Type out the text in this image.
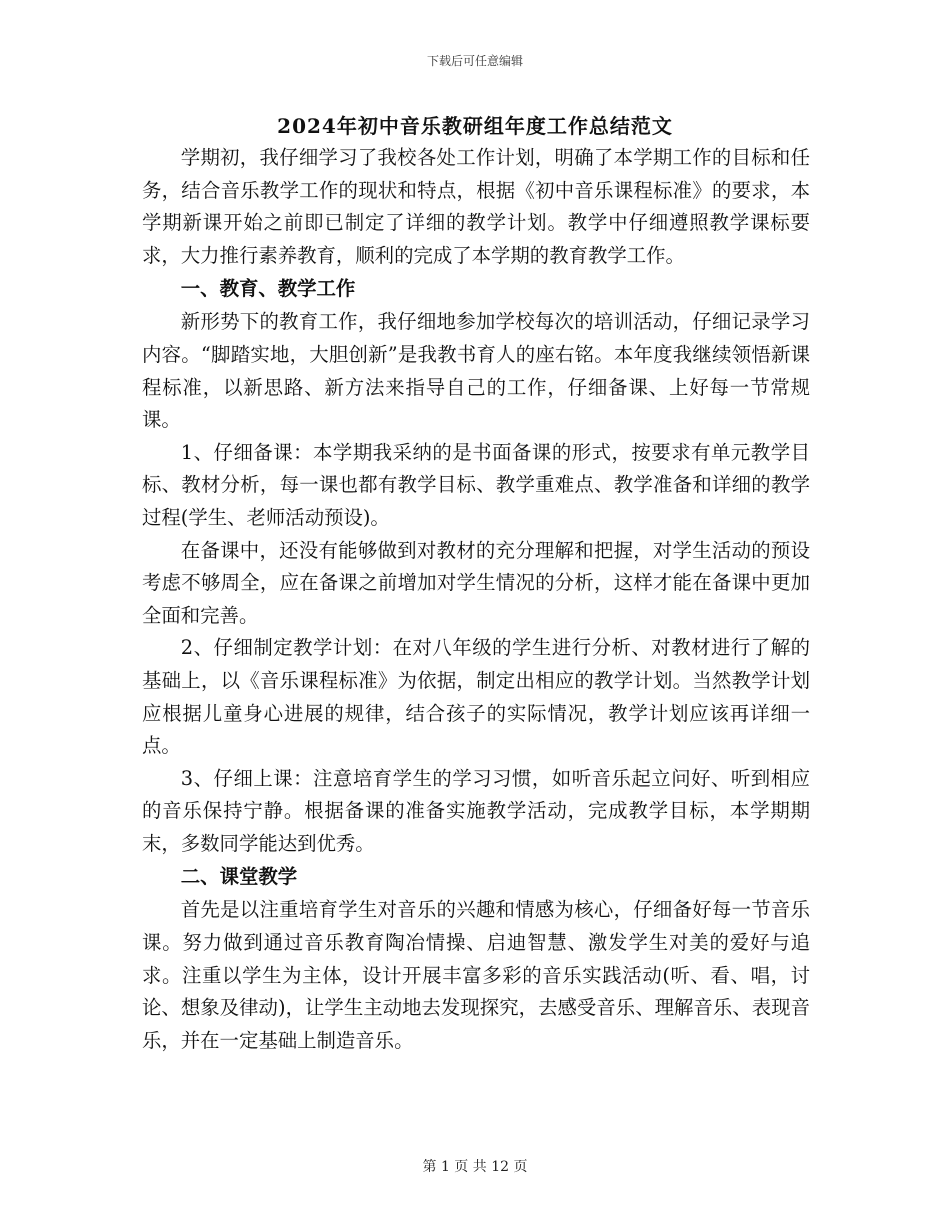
下载后可任意编辑
2024年初中音乐教研组年度工作总结范文

学期初，我仔细学习了我校各处工作计划，明确了本学期工作的目标和任务，结合音乐教学工作的现状和特点，根据《初中音乐课程标准》的要求，本学期新课开始之前即已制定了详细的教学计划。教学中仔细遵照教学课标要求，大力推行素养教育，顺利的完成了本学期的教育教学工作。

一、教育、教学工作

新形势下的教育工作，我仔细地参加学校每次的培训活动，仔细记录学习内容。“脚踏实地，大胆创新”是我教书育人的座右铭。本年度我继续领悟新课程标准，以新思路、新方法来指导自己的工作，仔细备课、上好每一节常规课。

1、仔细备课：本学期我采纳的是书面备课的形式，按要求有单元教学目标、教材分析，每一课也都有教学目标、教学重难点、教学准备和详细的教学过程(学生、老师活动预设)。

在备课中，还没有能够做到对教材的充分理解和把握，对学生活动的预设考虑不够周全，应在备课之前增加对学生情况的分析，这样才能在备课中更加全面和完善。

2、仔细制定教学计划：在对八年级的学生进行分析、对教材进行了解的基础上，以《音乐课程标准》为依据，制定出相应的教学计划。当然教学计划应根据儿童身心进展的规律，结合孩子的实际情况，教学计划应该再详细一点。

3、仔细上课：注意培育学生的学习习惯，如听音乐起立问好、听到相应的音乐保持宁静。根据备课的准备实施教学活动，完成教学目标，本学期期末，多数同学能达到优秀。

二、课堂教学

首先是以注重培育学生对音乐的兴趣和情感为核心，仔细备好每一节音乐课。努力做到通过音乐教育陶冶情操、启迪智慧、激发学生对美的爱好与追求。注重以学生为主体，设计开展丰富多彩的音乐实践活动(听、看、唱，讨论、想象及律动)，让学生主动地去发现探究，去感受音乐、理解音乐、表现音乐，并在一定基础上制造音乐。

第 1 页 共 12 页
